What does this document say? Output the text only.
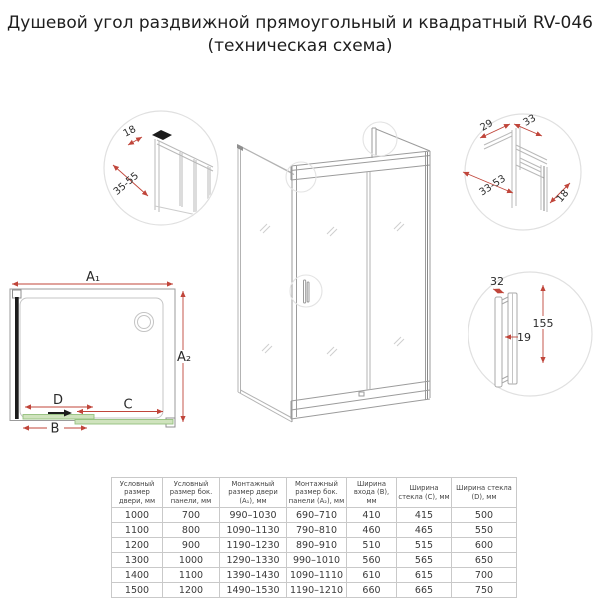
Душевой угол раздвижной прямоугольный и квадратный RV-046
(техническая схема)
18
35-55
29	33
33-53	18
A₁
A₂
D	C
B
32
155
19
Условный размер двери, мм	Условный размер бок. панели, мм	Монтажный размер двери (A₁), мм	Монтажный размер бок. панели (A₂), мм	Ширина входа (B), мм	Ширина стекла (C), мм	Ширина стекла (D), мм
1000	700	990–1030	690–710	410	415	500
1100	800	1090–1130	790–810	460	465	550
1200	900	1190–1230	890–910	510	515	600
1300	1000	1290–1330	990–1010	560	565	650
1400	1100	1390–1430	1090–1110	610	615	700
1500	1200	1490–1530	1190–1210	660	665	750
